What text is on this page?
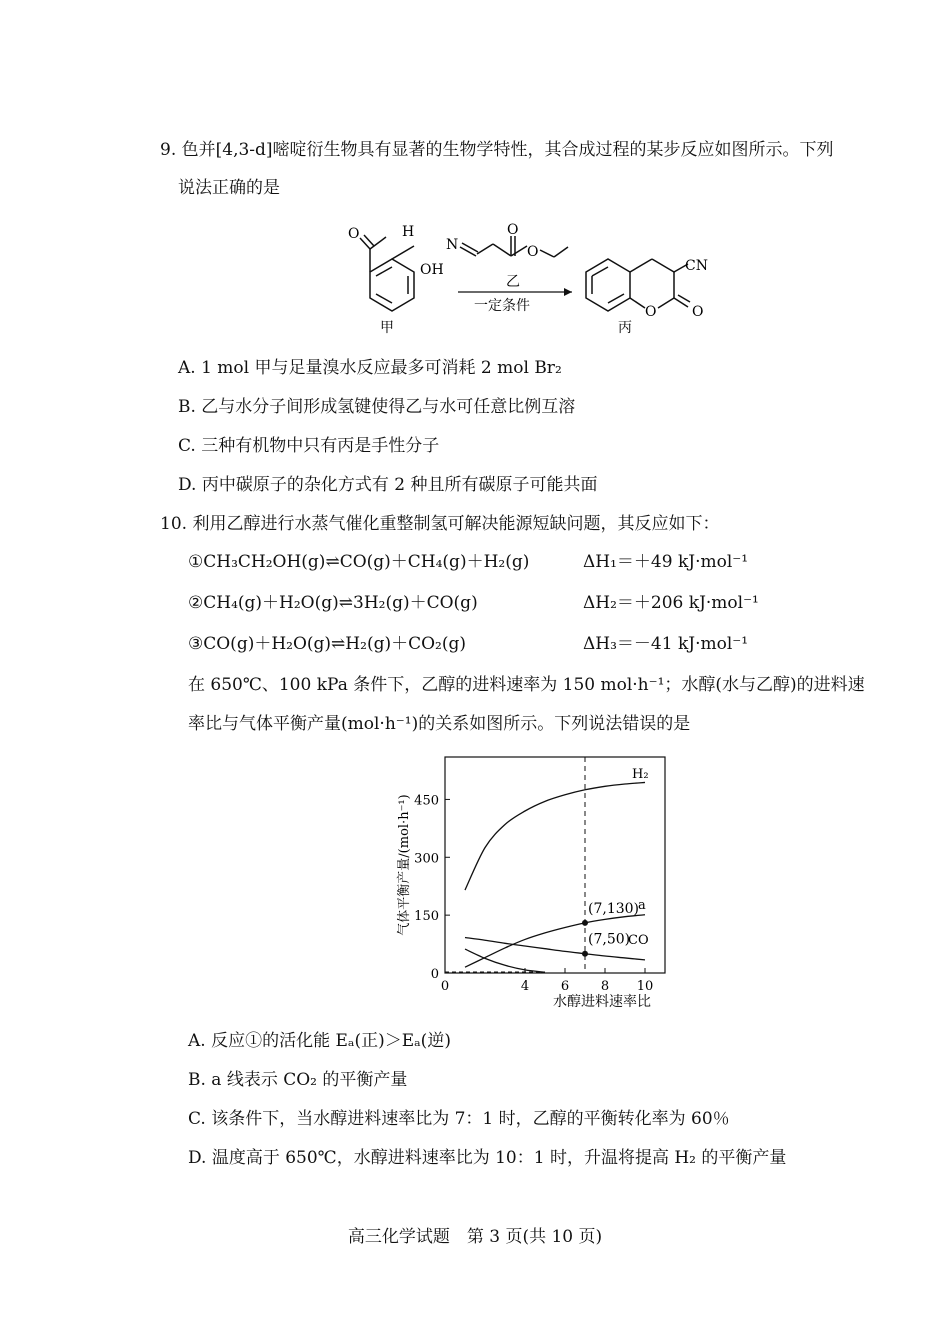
9. 色并[4,3-d]嘧啶衍生物具有显著的生物学特性，其合成过程的某步反应如图所示。下列
说法正确的是
O	H
OH
甲
N
O
O
乙
一定条件	O	O
CN
丙
A. 1 mol 甲与足量溴水反应最多可消耗 2 mol Br₂
B. 乙与水分子间形成氢键使得乙与水可任意比例互溶
C. 三种有机物中只有丙是手性分子
D. 丙中碳原子的杂化方式有 2 种且所有碳原子可能共面
10. 利用乙醇进行水蒸气催化重整制氢可解决能源短缺问题，其反应如下：
①CH₃CH₂OH(g)⇌CO(g)＋CH₄(g)＋H₂(g)	ΔH₁＝＋49 kJ·mol⁻¹
②CH₄(g)＋H₂O(g)⇌3H₂(g)＋CO(g)	ΔH₂＝＋206 kJ·mol⁻¹
③CO(g)＋H₂O(g)⇌H₂(g)＋CO₂(g)	ΔH₃＝－41 kJ·mol⁻¹
在 650℃、100 kPa 条件下，乙醇的进料速率为 150 mol·h⁻¹；水醇(水与乙醇)的进料速
率比与气体平衡产量(mol·h⁻¹)的关系如图所示。下列说法错误的是
气体平衡产量/(mol·h⁻¹)
水醇进料速率比
0	4 6 8 10
0
150
300
450
H₂
a
CO
(7,130)
(7,50)
A. 反应①的活化能 Eₐ(正)＞Eₐ(逆)
B. a 线表示 CO₂ 的平衡产量
C. 该条件下，当水醇进料速率比为 7：1 时，乙醇的平衡转化率为 60％
D. 温度高于 650℃，水醇进料速率比为 10：1 时，升温将提高 H₂ 的平衡产量
高三化学试题　第 3 页(共 10 页)
